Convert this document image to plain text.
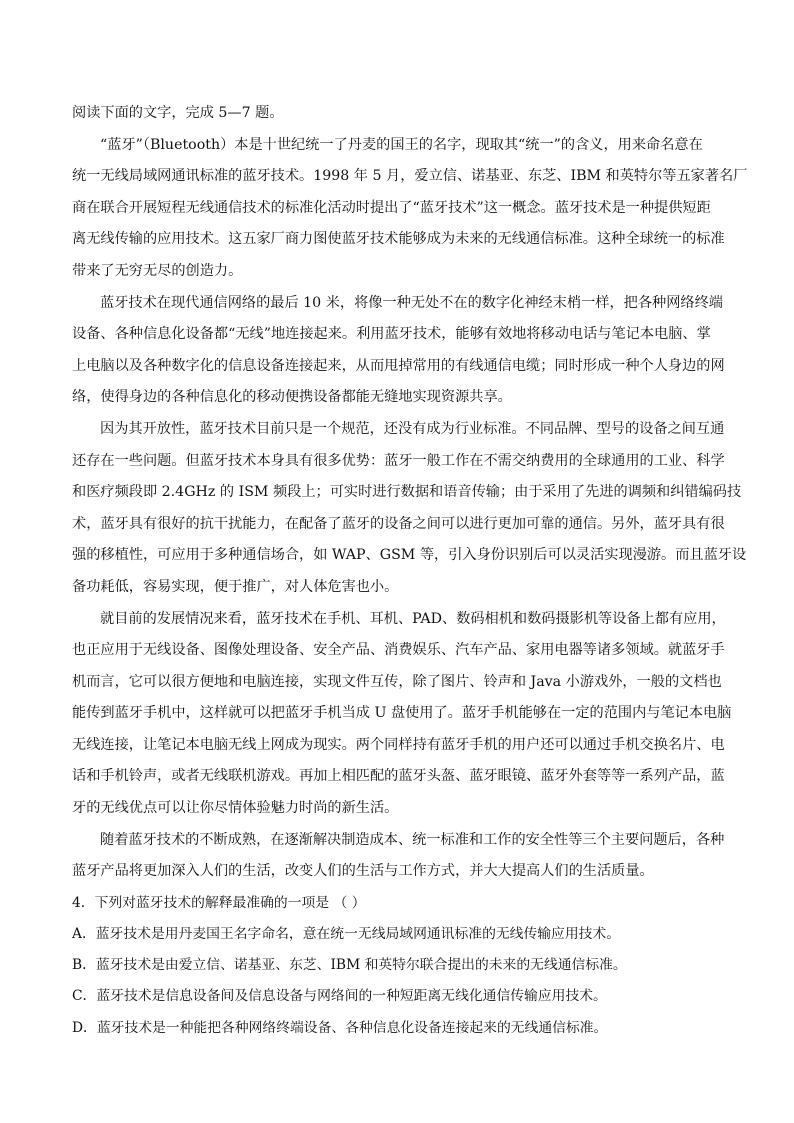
阅读下面的文字，完成 5—7 题。

“蓝牙”（Bluetooth）本是十世纪统一了丹麦的国王的名字，现取其“统一”的含义，用来命名意在

统一无线局域网通讯标准的蓝牙技术。1998 年 5 月，爱立信、诺基亚、东芝、IBM 和英特尔等五家著名厂

商在联合开展短程无线通信技术的标准化活动时提出了“蓝牙技术”这一概念。蓝牙技术是一种提供短距

离无线传输的应用技术。这五家厂商力图使蓝牙技术能够成为未来的无线通信标准。这种全球统一的标准

带来了无穷无尽的创造力。

蓝牙技术在现代通信网络的最后 10 米，将像一种无处不在的数字化神经末梢一样，把各种网络终端

设备、各种信息化设备都“无线”地连接起来。利用蓝牙技术，能够有效地将移动电话与笔记本电脑、掌

上电脑以及各种数字化的信息设备连接起来，从而甩掉常用的有线通信电缆；同时形成一种个人身边的网

络，使得身边的各种信息化的移动便携设备都能无缝地实现资源共享。

因为其开放性，蓝牙技术目前只是一个规范，还没有成为行业标准。不同品牌、型号的设备之间互通

还存在一些问题。但蓝牙技术本身具有很多优势：蓝牙一般工作在不需交纳费用的全球通用的工业、科学

和医疗频段即 2.4GHz 的 ISM 频段上；可实时进行数据和语音传输；由于采用了先进的调频和纠错编码技

术，蓝牙具有很好的抗干扰能力，在配备了蓝牙的设备之间可以进行更加可靠的通信。另外，蓝牙具有很

强的移植性，可应用于多种通信场合，如 WAP、GSM 等，引入身份识别后可以灵活实现漫游。而且蓝牙设

备功耗低，容易实现，便于推广，对人体危害也小。

就目前的发展情况来看，蓝牙技术在手机、耳机、PAD、数码相机和数码摄影机等设备上都有应用，

也正应用于无线设备、图像处理设备、安全产品、消费娱乐、汽车产品、家用电器等诸多领域。就蓝牙手

机而言，它可以很方便地和电脑连接，实现文件互传，除了图片、铃声和 Java 小游戏外，一般的文档也

能传到蓝牙手机中，这样就可以把蓝牙手机当成 U 盘使用了。蓝牙手机能够在一定的范围内与笔记本电脑

无线连接，让笔记本电脑无线上网成为现实。两个同样持有蓝牙手机的用户还可以通过手机交换名片、电

话和手机铃声，或者无线联机游戏。再加上相匹配的蓝牙头盔、蓝牙眼镜、蓝牙外套等等一系列产品，蓝

牙的无线优点可以让你尽情体验魅力时尚的新生活。

随着蓝牙技术的不断成熟，在逐渐解决制造成本、统一标准和工作的安全性等三个主要问题后，各种

蓝牙产品将更加深入人们的生活，改变人们的生活与工作方式，并大大提高人们的生活质量。

4．下列对蓝牙技术的解释最准确的一项是 （ ）

A．蓝牙技术是用丹麦国王名字命名，意在统一无线局域网通讯标准的无线传输应用技术。

B．蓝牙技术是由爱立信、诺基亚、东芝、IBM 和英特尔联合提出的未来的无线通信标准。

C．蓝牙技术是信息设备间及信息设备与网络间的一种短距离无线化通信传输应用技术。

D．蓝牙技术是一种能把各种网络终端设备、各种信息化设备连接起来的无线通信标准。
